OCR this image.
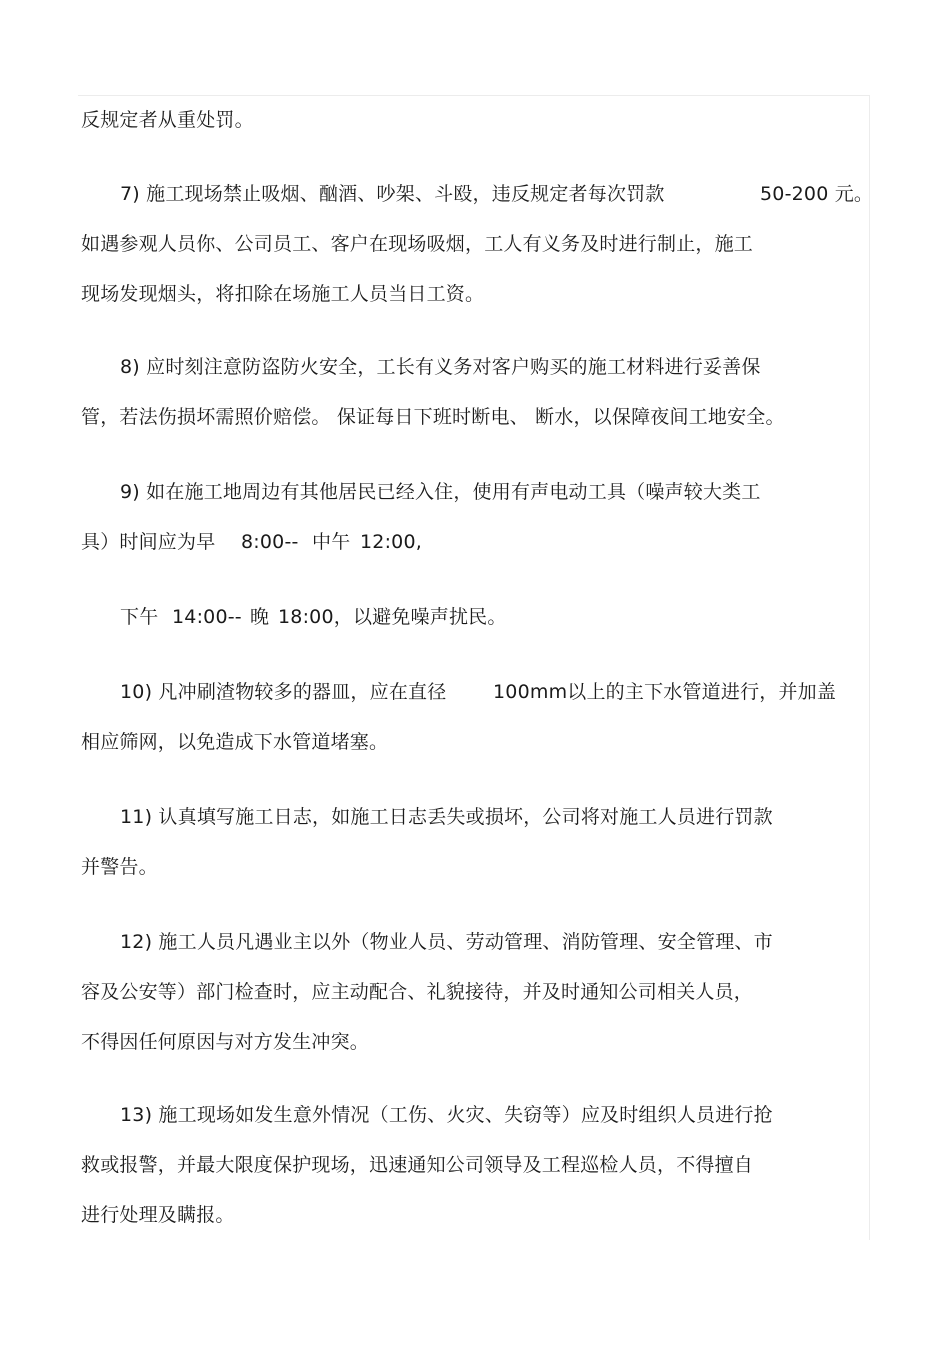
反规定者从重处罚。
7) 施工现场禁止吸烟、酗酒、吵架、斗殴，违反规定者每次罚款	50-200 元。
如遇参观人员你、公司员工、客户在现场吸烟，工人有义务及时进行制止，施工
现场发现烟头，将扣除在场施工人员当日工资。
8) 应时刻注意防盗防火安全，工长有义务对客户购买的施工材料进行妥善保
管，若法伤损坏需照价赔偿。 保证每日下班时断电、 断水，以保障夜间工地安全。
9) 如在施工地周边有其他居民已经入住，使用有声电动工具（噪声较大类工
具）时间应为早 8:00-- 中午 12:00,
下午 14:00-- 晚 18:00，以避免噪声扰民。
10) 凡冲刷渣物较多的器皿，应在直径 100mm以上的主下水管道进行，并加盖
相应筛网，以免造成下水管道堵塞。
11) 认真填写施工日志，如施工日志丢失或损坏，公司将对施工人员进行罚款
并警告。
12) 施工人员凡遇业主以外（物业人员、劳动管理、消防管理、安全管理、市
容及公安等）部门检查时，应主动配合、礼貌接待，并及时通知公司相关人员，
不得因任何原因与对方发生冲突。
13) 施工现场如发生意外情况（工伤、火灾、失窃等）应及时组织人员进行抢
救或报警，并最大限度保护现场，迅速通知公司领导及工程巡检人员，不得擅自
进行处理及瞒报。
